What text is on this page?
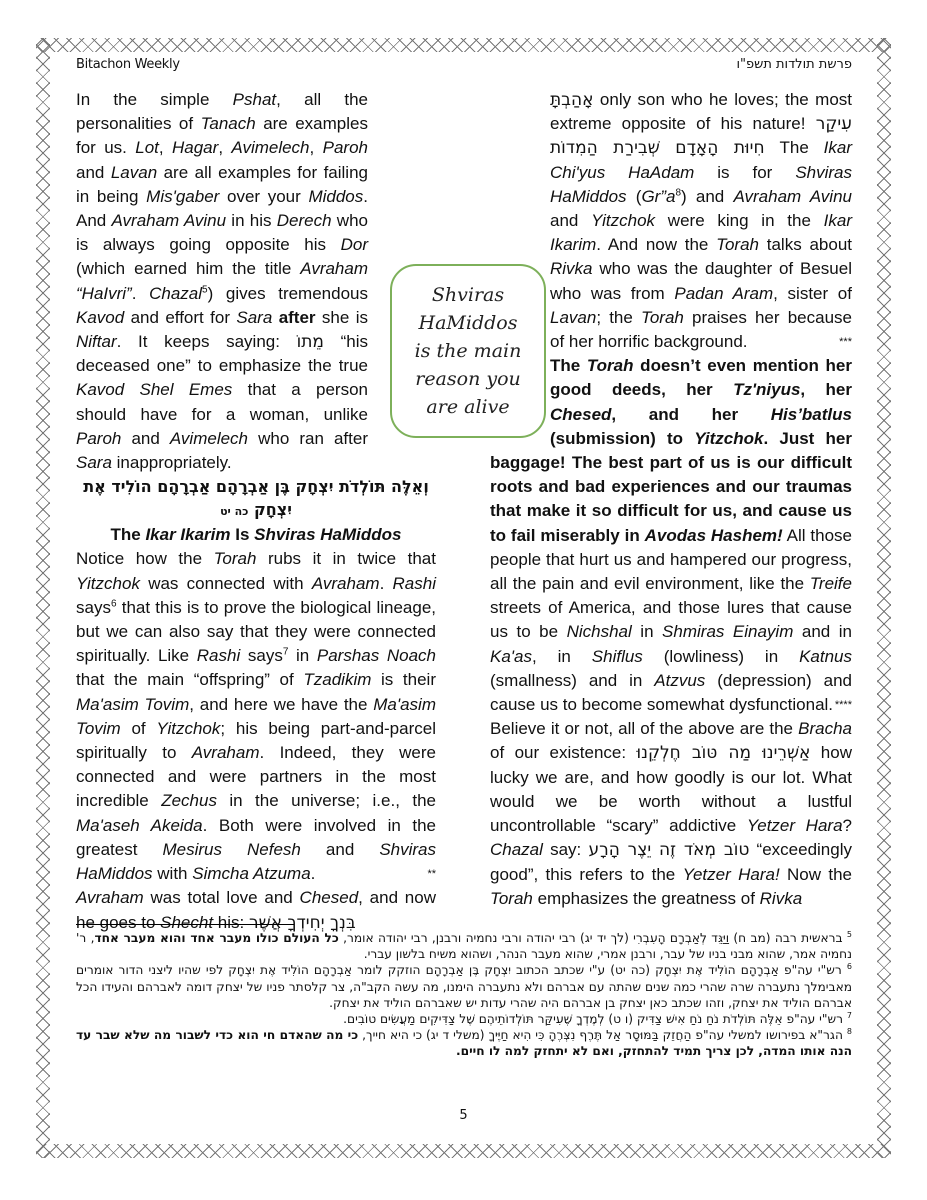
Bitachon Weekly	פרשת תולדות תשפ"ו

In the simple Pshat, all the personalities of Tanach are examples for us. Lot, Hagar, Avimelech, Paroh and Lavan are all examples for failing in being Mis'gaber over your Middos. And Avraham Avinu in his Derech who is always going opposite his Dor (which earned him the title Avraham “HaIvri”. Chazal$^5$) gives tremendous Kavod and effort for Sara after she is Niftar. It keeps saying: מֵתוֹ “his deceased one” to emphasize the true Kavod Shel Emes that a person should have for a woman, unlike Paroh and Avimelech who ran after Sara inappropriately.

וְאֵלֶּה תּוֹלְדֹת יִצְחָק בֶּן אַבְרָהָם אַבְרָהָם הוֹלִיד אֶת
יִצְחָק כה יט

The Ikar Ikarim Is Shviras HaMiddos

Notice how the Torah rubs it in twice that Yitzchok was connected with Avraham. Rashi says$^6$ that this is to prove the biological lineage, but we can also say that they were connected spiritually. Like Rashi says$^7$ in Parshas Noach that the main “offspring” of Tzadikim is their Ma'asim Tovim, and here we have the Ma'asim Tovim of Yitzchok; his being part-and-parcel spiritually to Avraham. Indeed, they were connected and were partners in the most incredible Zechus in the universe; i.e., the Ma'aseh Akeida. Both were involved in the greatest Mesirus Nefesh and Shviras HaMiddos with Simcha Atzuma.	**

Avraham was total love and Chesed, and now he goes to Shecht his: בִּנְךָ יְחִידְךָ אֲשֶׁר

אָהַבְתָּ only son who he loves; the most extreme opposite of his nature! עִיקַר חִיוּת הָאָדָם שְׁבִירַת הַמִדוֹת The Ikar Chi'yus HaAdam is for Shviras HaMiddos $(Gr”a^8)$ and Avraham Avinu and Yitzchok were king in the Ikar Ikarim. And now the Torah talks about Rivka who was the daughter of Besuel who was from Padan Aram, sister of Lavan; the Torah praises her because of her horrific background.	***

The Torah doesn’t even mention her good deeds, her Tz'niyus, her Chesed, and her His’batlus (submission) to Yitzchok. Just her baggage! The best part of us is our difficult roots and bad experiences and our traumas that make it so difficult for us, and cause us to fail miserably in Avodas Hashem! All those people that hurt us and hampered our progress, all the pain and evil environment, like the Treife streets of America, and those lures that cause us to be Nichshal in Shmiras Einayim and in Ka'as, in Shiflus (lowliness) in Katnus (smallness) and in Atzvus (depression) and cause us to become somewhat dysfunctional. ****

Believe it or not, all of the above are the Bracha of our existence: אַשְׁרֵינוּ מַה טּוֹב חֶלְקֵנוּ how lucky we are, and how goodly is our lot. What would we be worth without a lustful uncontrollable “scary” addictive Yetzer Hara? Chazal say: טוֹב מְאֹד זֶה יֵצֶר הָרָע “exceedingly good”, this refers to the Yetzer Hara! Now the Torah emphasizes the greatness of Rivka

Shviras
HaMiddos
is the main
reason you
are alive

$^5$ בראשית רבה (מב ח) וַיַּגֵּד לְאַבְרָם הָעִבְרִי (לך יד יג) רבי יהודה ורבי נחמיה ורבנן, רבי יהודה אומר, כל העולם כולו מעבר אחד והוא מעבר אחד, ר' נחמיה אמר, שהוא מבני בניו של עבר, ורבנן אמרי, שהוא מעבר הנהר, ושהוא משיח בלשון עברי.

$^6$ רש"י עה"פ אַבְרָהָם הוֹלִיד אֶת יִצְחָק (כה יט) ע"י שכתב הכתוב יִצְחָק בֶּן אַבְרָהָם הוזקק לומר אַבְרָהָם הוֹלִיד אֶת יִצְחָק לפי שהיו ליצני הדור אומרים מאבימלך נתעברה שרה שהרי כמה שנים שהתה עם אברהם ולא נתעברה הימנו, מה עשה הקב"ה, צר קלסתר פניו של יצחק דומה לאברהם והעידו הכל אברהם הוליד את יצחק, וזהו שכתב כאן יצחק בן אברהם היה שהרי עדות יש שאברהם הוליד את יצחק.

$^7$ רש"י עה"פ אֵלֶּה תּוֹלְדֹת נֹחַ נֹחַ אִישׁ צַדִּיק (ו ט) לְמֶדְךָ שֶׁעִיקַּר תּוֹלְדוֹתֵיהֶם שֶׁל צַדִּיקִים מַעֲשִׂים טוֹבִים.

$^8$ הגר"א בפירושו למשלי עה"פ הַחֲזֵק בַּמּוּסָר אַל תֶּרֶף נִצְּרֶהָ כִּי הִיא חַיֶּיךָ (משלי ד יג) כי היא חייך, כי מה שהאדם חי הוא כדי לשבור מה שלא שבר עד הנה אותו המדה, לכן צריך תמיד להתחזק, ואם לא יתחזק למה לו חיים.

5
